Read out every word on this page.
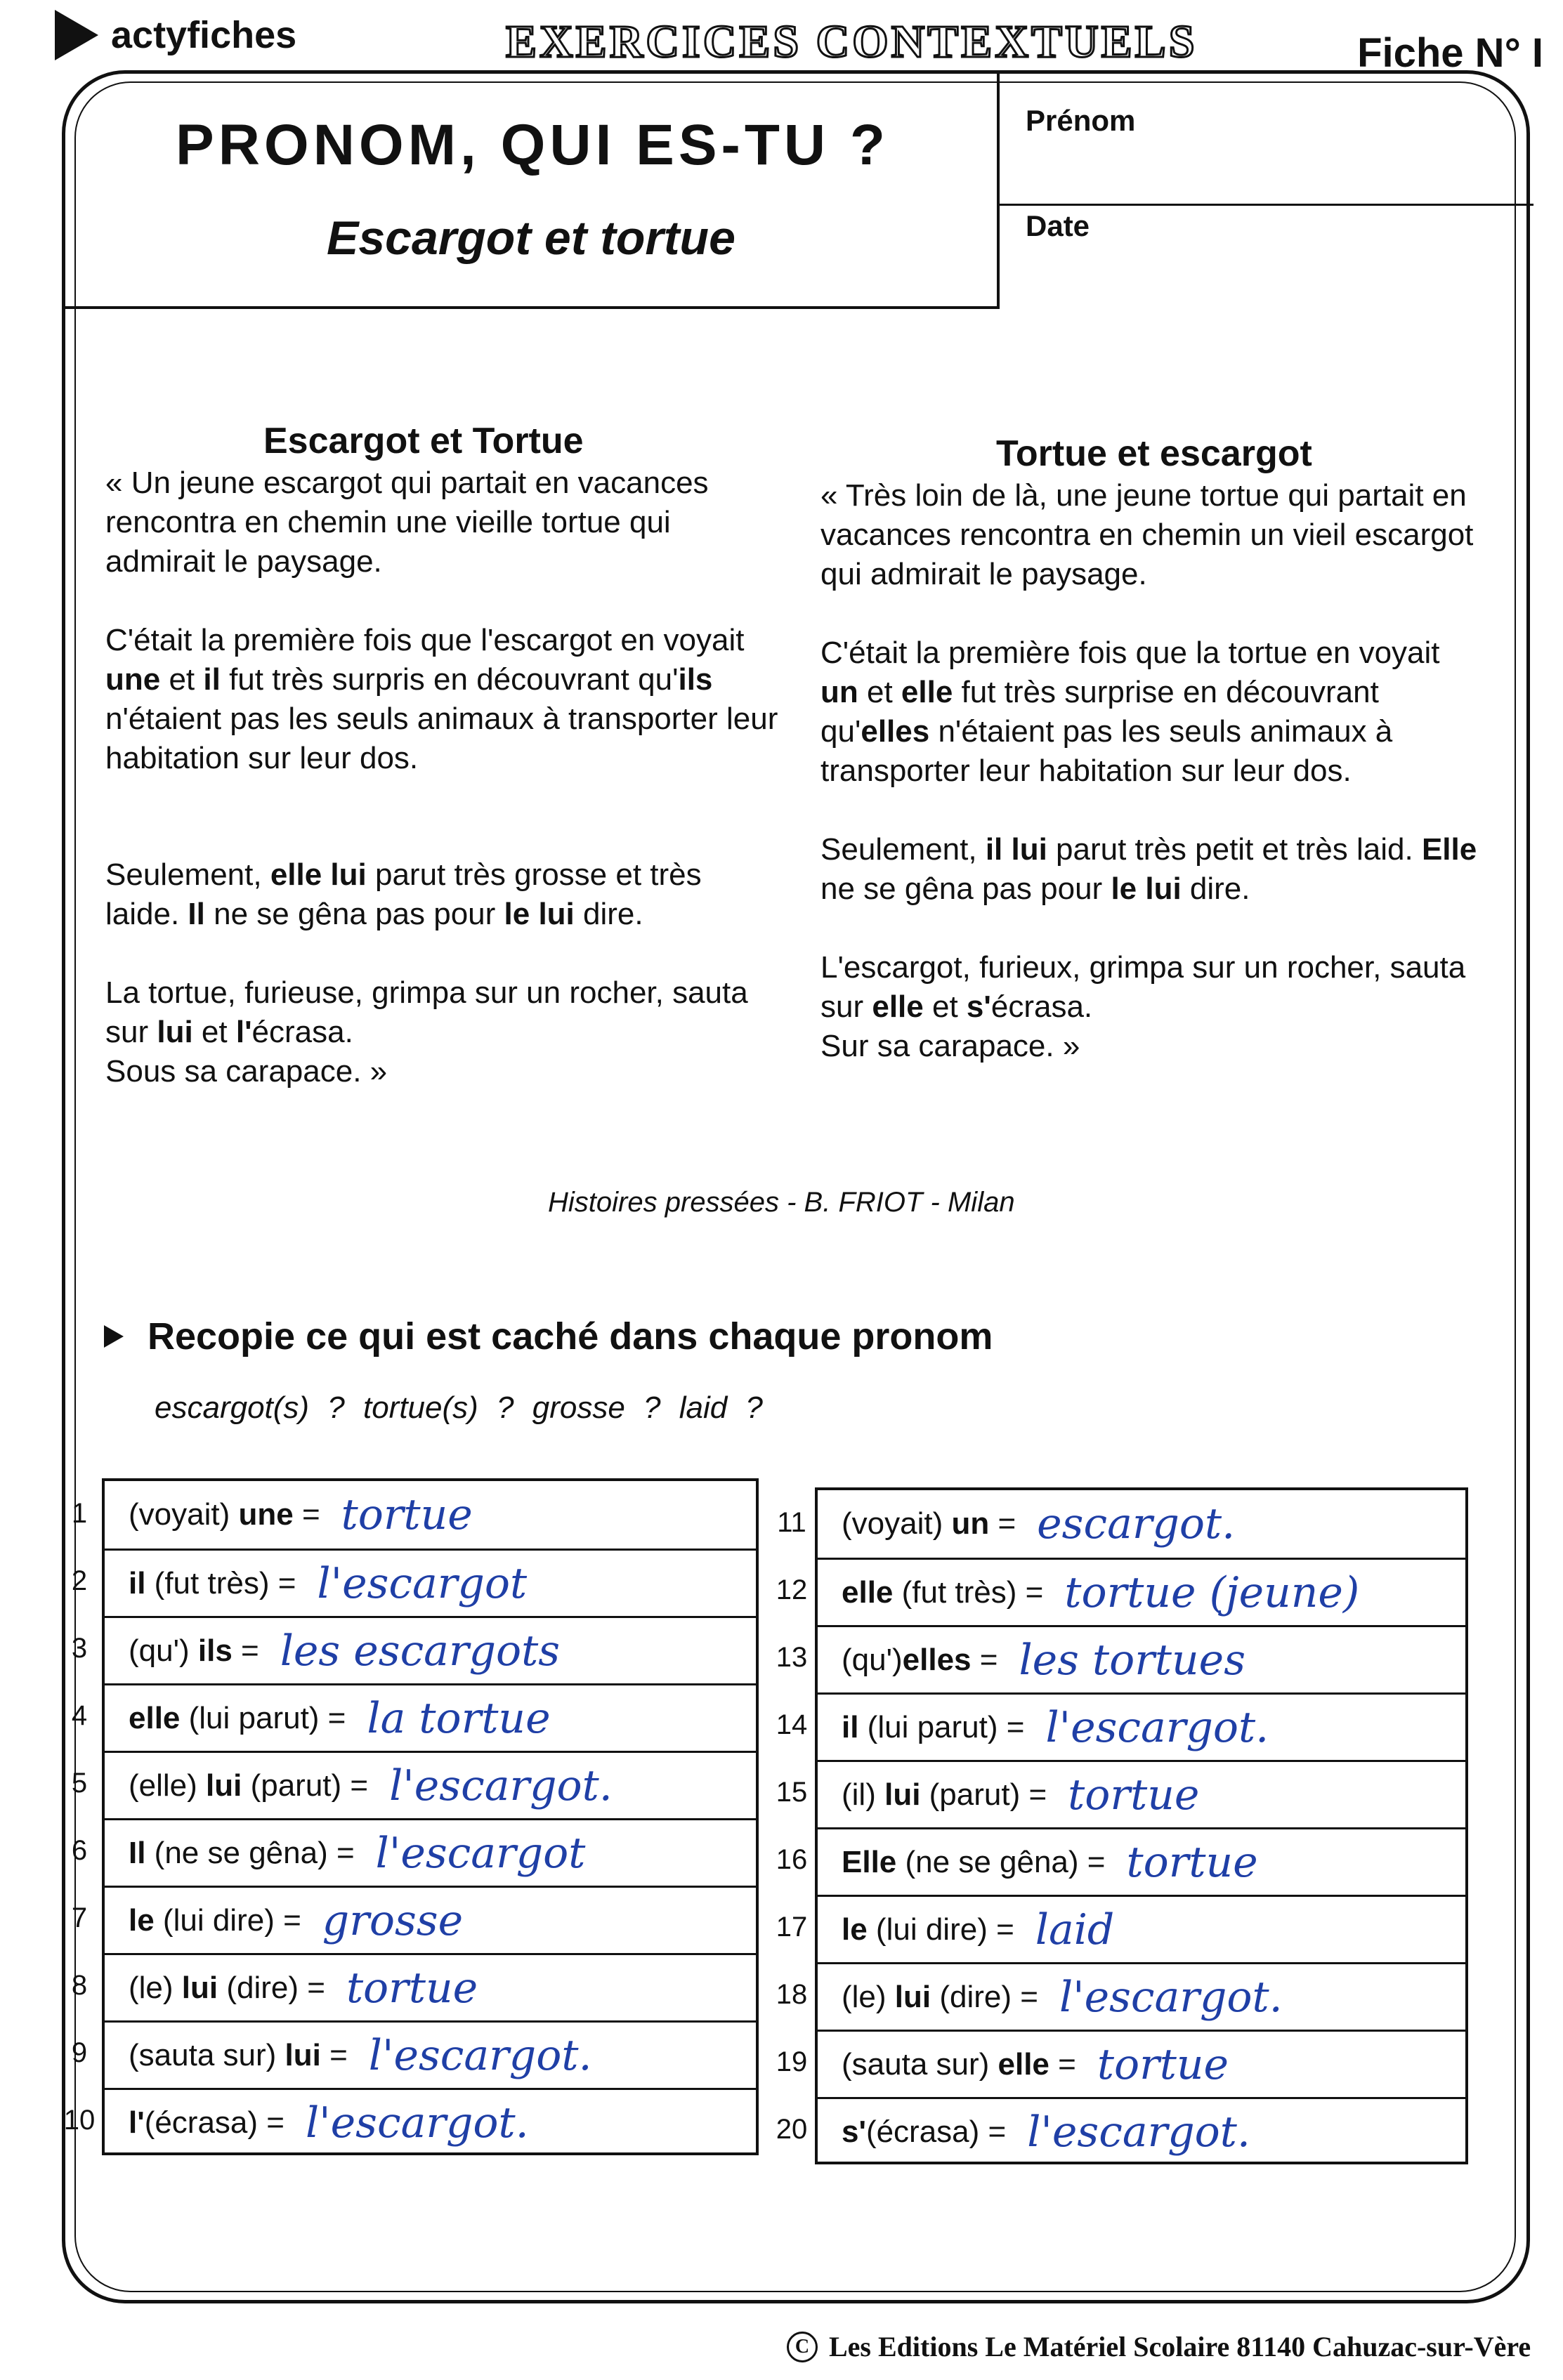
actyfiches	EXERCICES CONTEXTUELS	Fiche N° I
PRONOM, QUI ES-TU ?
Escargot et tortue
Prénom
Date
Escargot et Tortue

« Un jeune escargot qui partait en vacances rencontra en chemin une vieille tortue qui admirait le paysage.

C'était la première fois que l'escargot en voyait une et il fut très surpris en découvrant qu'ils n'étaient pas les seuls animaux à transporter leur habitation sur leur dos.

Seulement, elle lui parut très grosse et très laide. Il ne se gêna pas pour le lui dire.

La tortue, furieuse, grimpa sur un rocher, sauta sur lui et l'écrasa.
Sous sa carapace. »

Tortue et escargot

« Très loin de là, une jeune tortue qui partait en vacances rencontra en chemin un vieil escargot qui admirait le paysage.

C'était la première fois que la tortue en voyait un et elle fut très surprise en découvrant qu'elles n'étaient pas les seuls animaux à transporter leur habitation sur leur dos.

Seulement, il lui parut très petit et très laid. Elle ne se gêna pas pour le lui dire.

L'escargot, furieux, grimpa sur un rocher, sauta sur elle et s'écrasa.
Sur sa carapace. »

Histoires pressées - B. FRIOT - Milan
Recopie ce qui est caché dans chaque pronom
escargot(s) ? tortue(s) ? grosse ? laid ?
(voyait) une = tortue
il (fut très) = l'escargot
(qu') ils = les escargots
elle (lui parut) = la tortue
(elle) lui (parut) = l'escargot.
Il (ne se gêna) = l'escargot
le (lui dire) = grosse
(le) lui (dire) = tortue
(sauta sur) lui = l'escargot.
l'(écrasa) = l'escargot.
(voyait) un = escargot.
elle (fut très) = tortue (jeune)
(qu')elles = les tortues
il (lui parut) = l'escargot.
(il) lui (parut) = tortue
Elle (ne se gêna) = tortue
le (lui dire) = laid
(le) lui (dire) = l'escargot.
(sauta sur) elle = tortue
s'(écrasa) = l'escargot.
C Les Editions Le Matériel Scolaire 81140 Cahuzac-sur-Vère
1
2
3
4
5
6
7
8
9
10
11
12
13
14
15
16
17
18
19
20
